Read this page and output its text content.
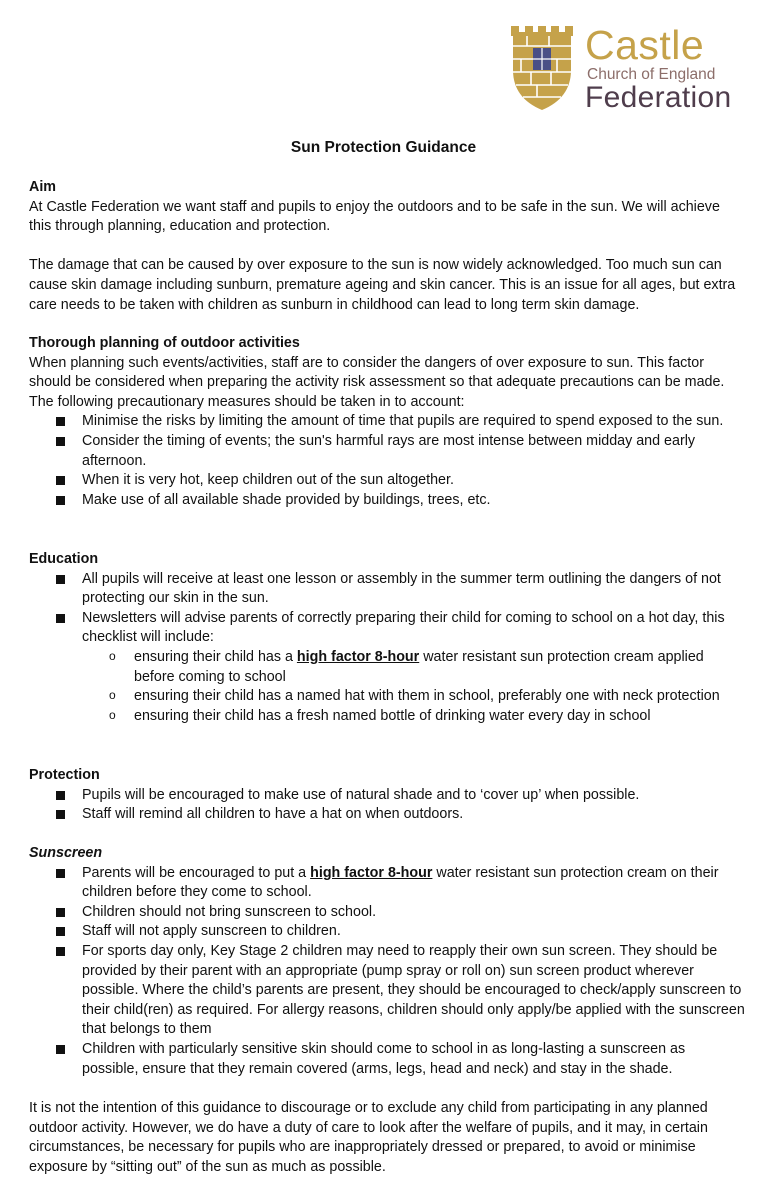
Castle
Church of England
Federation
Sun Protection Guidance

Aim

At Castle Federation we want staff and pupils to enjoy the outdoors and to be safe in the sun. We will achieve this through planning, education and protection.

The damage that can be caused by over exposure to the sun is now widely acknowledged. Too much sun can cause skin damage including sunburn, premature ageing and skin cancer. This is an issue for all ages, but extra care needs to be taken with children as sunburn in childhood can lead to long term skin damage.

Thorough planning of outdoor activities

When planning such events/activities, staff are to consider the dangers of over exposure to sun. This factor should be considered when preparing the activity risk assessment so that adequate precautions can be made. The following precautionary measures should be taken in to account:

Minimise the risks by limiting the amount of time that pupils are required to spend exposed to the sun.
Consider the timing of events; the sun's harmful rays are most intense between midday and early afternoon.
When it is very hot, keep children out of the sun altogether.
Make use of all available shade provided by buildings, trees, etc.

Education

All pupils will receive at least one lesson or assembly in the summer term outlining the dangers of not protecting our skin in the sun.
Newsletters will advise parents of correctly preparing their child for coming to school on a hot day, this checklist will include:
o ensuring their child has a high factor 8-hour water resistant sun protection cream applied before coming to school
o ensuring their child has a named hat with them in school, preferably one with neck protection
o ensuring their child has a fresh named bottle of drinking water every day in school

Protection

Pupils will be encouraged to make use of natural shade and to ‘cover up’ when possible.
Staff will remind all children to have a hat on when outdoors.

Sunscreen

Parents will be encouraged to put a high factor 8-hour water resistant sun protection cream on their children before they come to school.
Children should not bring sunscreen to school.
Staff will not apply sunscreen to children.
For sports day only, Key Stage 2 children may need to reapply their own sun screen. They should be provided by their parent with an appropriate (pump spray or roll on) sun screen product wherever possible. Where the child’s parents are present, they should be encouraged to check/apply sunscreen to their child(ren) as required. For allergy reasons, children should only apply/be applied with the sunscreen that belongs to them
Children with particularly sensitive skin should come to school in as long-lasting a sunscreen as possible, ensure that they remain covered (arms, legs, head and neck) and stay in the shade.

It is not the intention of this guidance to discourage or to exclude any child from participating in any planned outdoor activity. However, we do have a duty of care to look after the welfare of pupils, and it may, in certain circumstances, be necessary for pupils who are inappropriately dressed or prepared, to avoid or minimise exposure by “sitting out” of the sun as much as possible.
